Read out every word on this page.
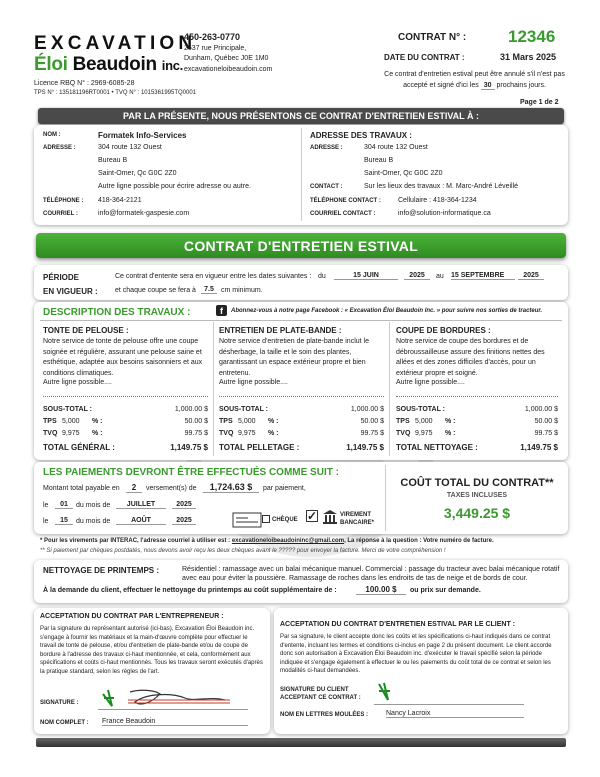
EXCAVATION
Éloi Beaudoin inc.
Licence RBQ N° : 2969-6085-28
TPS N° : 135181196RT0001 • TVQ N° : 1015361995TQ0001
450-263-0770
2637 rue Principale,
Dunham, Québec J0E 1M0
excavationeloibeaudoin.com
CONTRAT N° : 12346
DATE DU CONTRAT :	31 Mars 2025
Ce contrat d'entretien estival peut être annulé s'il n'est pas accepté et signé d'ici les 30 prochains jours.
Page 1 de 2
PAR LA PRÉSENTE, NOUS PRÉSENTONS CE CONTRAT D'ENTRETIEN ESTIVAL À :
NOM :	Formatek Info-Services
ADRESSE :	304 route 132 Ouest
Bureau B
Saint-Omer, Qc G0C 2Z0
Autre ligne possible pour écrire adresse ou autre.
TÉLÉPHONE : 418-364-2121
COURRIEL :	info@formatek-gaspesie.com
ADRESSE DES TRAVAUX :
ADRESSE :	304 route 132 Ouest
Bureau B
Saint-Omer, Qc G0C 2Z0
CONTACT :	Sur les lieux des travaux : M. Marc-André Léveillé
TÉLÉPHONE CONTACT : Cellulaire : 418-364-1234
COURRIEL CONTACT :	info@solution-informatique.ca
CONTRAT D'ENTRETIEN ESTIVAL
PÉRIODE
EN VIGUEUR :
Ce contrat d'entente sera en vigueur entre les dates suivantes : du	15 JUIN	2025	au 15 SEPTEMBRE	2025
et chaque coupe se fera à	7.5	cm minimum.
DESCRIPTION DES TRAVAUX :	f	Abonnez-vous à notre page Facebook : « Excavation Éloi Beaudoin Inc. » pour suivre nos sorties de tracteur.
TONTE DE PELOUSE :
Notre service de tonte de pelouse offre une coupe soignée et régulière, assurant une pelouse saine et esthétique, adaptée aux besoins saisonniers et aux conditions climatiques.
Autre ligne possible....
SOUS-TOTAL :	1,000.00 $
TPS 5,000 % :	50.00 $
TVQ 9,975 % :	99.75 $
TOTAL GÉNÉRAL :	1,149.75 $
ENTRETIEN DE PLATE-BANDE :
Notre service d'entretien de plate-bande inclut le désherbage, la taille et le soin des plantes, garantissant un espace extérieur propre et bien entretenu.
Autre ligne possible....
SOUS-TOTAL :	1,000.00 $
TPS 5,000 % :	50.00 $
TVQ 9,975 % :	99.75 $
TOTAL PELLETAGE :	1,149.75 $
COUPE DE BORDURES :
Notre service de coupe des bordures et de débroussailleuse assure des finitions nettes des allées et des zones difficiles d'accès, pour un extérieur propre et soigné.
Autre ligne possible....
SOUS-TOTAL :	1,000.00 $
TPS 5,000 % :	50.00 $
TVQ 9,975 % :	99.75 $
TOTAL NETTOYAGE :	1,149.75 $
LES PAIEMENTS DEVRONT ÊTRE EFFECTUÉS COMME SUIT :
Montant total payable en	2	versement(s) de	1,724.63 $	par paiement,
le	01	du mois de	JUILLET	2025
le	15	du mois de	AOÛT	2025	CHÈQUE ✓	VIREMENT BANCAIRE*
COÛT TOTAL DU CONTRAT**
TAXES INCLUSES
3,449.25 $
* Pour les virements par INTERAC, l'adresse courriel à utiliser est : excavationeloibeaudoininc@gmail.com, La réponse à la question : Votre numéro de facture.
** Si paiement par chèques postdatés, nous devons avoir reçu les deux chèques avant le ????? pour envoyer la facture. Merci de votre compréhension !
NETTOYAGE DE PRINTEMPS :	Résidentiel : ramassage avec un balai mécanique manuel. Commercial : passage du tracteur avec balai mécanique rotatif avec eau pour éviter la poussière. Ramassage de roches dans les endroits de tas de neige et de bords de cour.
À la demande du client, effectuer le nettoyage du printemps au coût supplémentaire de :	100.00 $	ou prix sur demande.
ACCEPTATION DU CONTRAT PAR L'ENTREPRENEUR :
Par la signature du représentant autorisé (ici-bas), Excavation Éloi Beaudoin inc. s'engage à fournir les matériaux et la main-d'œuvre complète pour effectuer le travail de tonte de pelouse, et/ou d'entretien de plate-bande et/ou de coupe de bordure à l'adresse des travaux ci-haut mentionnée, et cela, conformément aux spécifications et coûts ci-haut mentionnés. Tous les travaux seront exécutés d'après la pratique standard, selon les règles de l'art.
SIGNATURE :
NOM COMPLET : France Beaudoin
ACCEPTATION DU CONTRAT D'ENTRETIEN ESTIVAL PAR LE CLIENT :
Par sa signature, le client accepte donc les coûts et les spécifications ci-haut indiqués dans ce contrat d'entente, incluant les termes et conditions ci-inclus en page 2 du présent document. Le client accorde donc son autorisation à Excavation Éloi Beaudoin inc. d'exécuter le travail spécifié selon la période indiquée et s'engage également à effectuer le ou les paiements du coût total de ce contrat et selon les modalités ci-haut demandées.
SIGNATURE DU CLIENT
ACCEPTANT CE CONTRAT :
NOM EN LETTRES MOULÉES :	Nancy Lacroix
